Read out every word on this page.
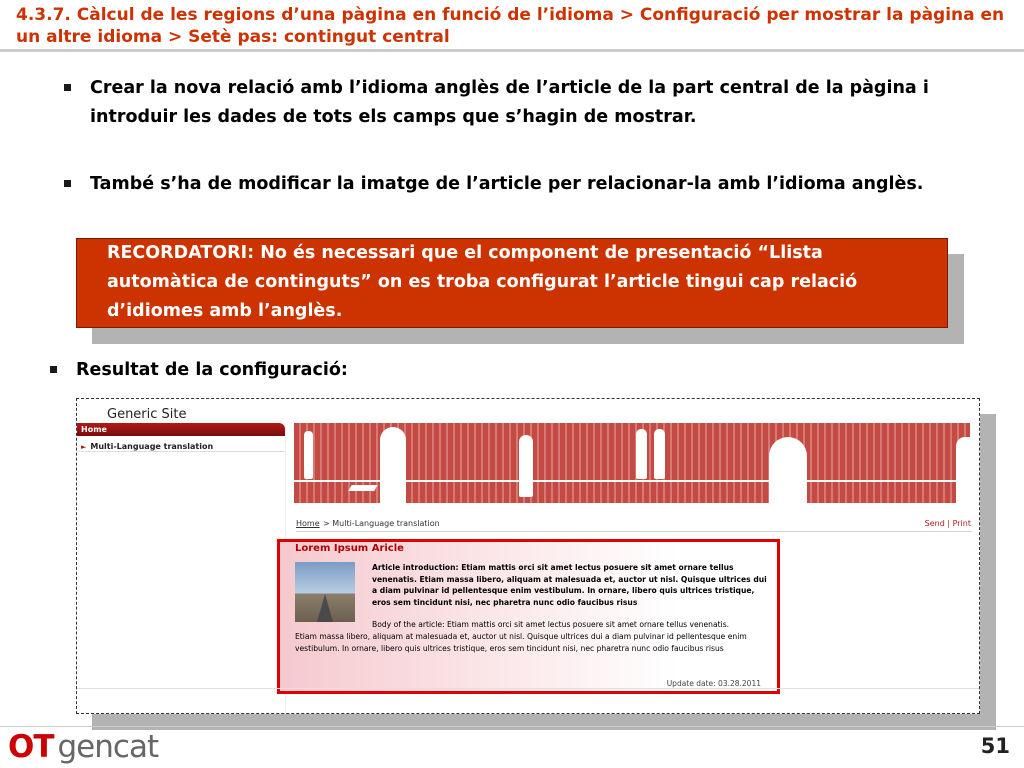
4.3.7. Càlcul de les regions d’una pàgina en funció de l’idioma > Configuració per mostrar la pàgina en un altre idioma > Setè pas: contingut central
Crear la nova relació amb l’idioma anglès de l’article de la part central de la pàgina i introduir les dades de tots els camps que s’hagin de mostrar.
També s’ha de modificar la imatge de l’article per relacionar-la amb l’idioma anglès.
RECORDATORI: No és necessari que el component de presentació “Llista automàtica de continguts” on es troba configurat l’article tingui cap relació d’idiomes amb l’anglès.
Resultat de la configuració:
Generic Site
Home
► Multi-Language translation
Home > Multi-Language translation	Send | Print
Lorem Ipsum Aricle
Article introduction: Etiam mattis orci sit amet lectus posuere sit amet ornare tellus venenatis. Etiam massa libero, aliquam at malesuada et, auctor ut nisl. Quisque ultrices dui a diam pulvinar id pellentesque enim vestibulum. In ornare, libero quis ultrices tristique, eros sem tincidunt nisi, nec pharetra nunc odio faucibus risus
Body of the article: Etiam mattis orci sit amet lectus posuere sit amet ornare tellus venenatis.
Etiam massa libero, aliquam at malesuada et, auctor ut nisl. Quisque ultrices dui a diam pulvinar id pellentesque enim vestibulum. In ornare, libero quis ultrices tristique, eros sem tincidunt nisi, nec pharetra nunc odio faucibus risus
Update date: 03.28.2011
OT gencat	51
